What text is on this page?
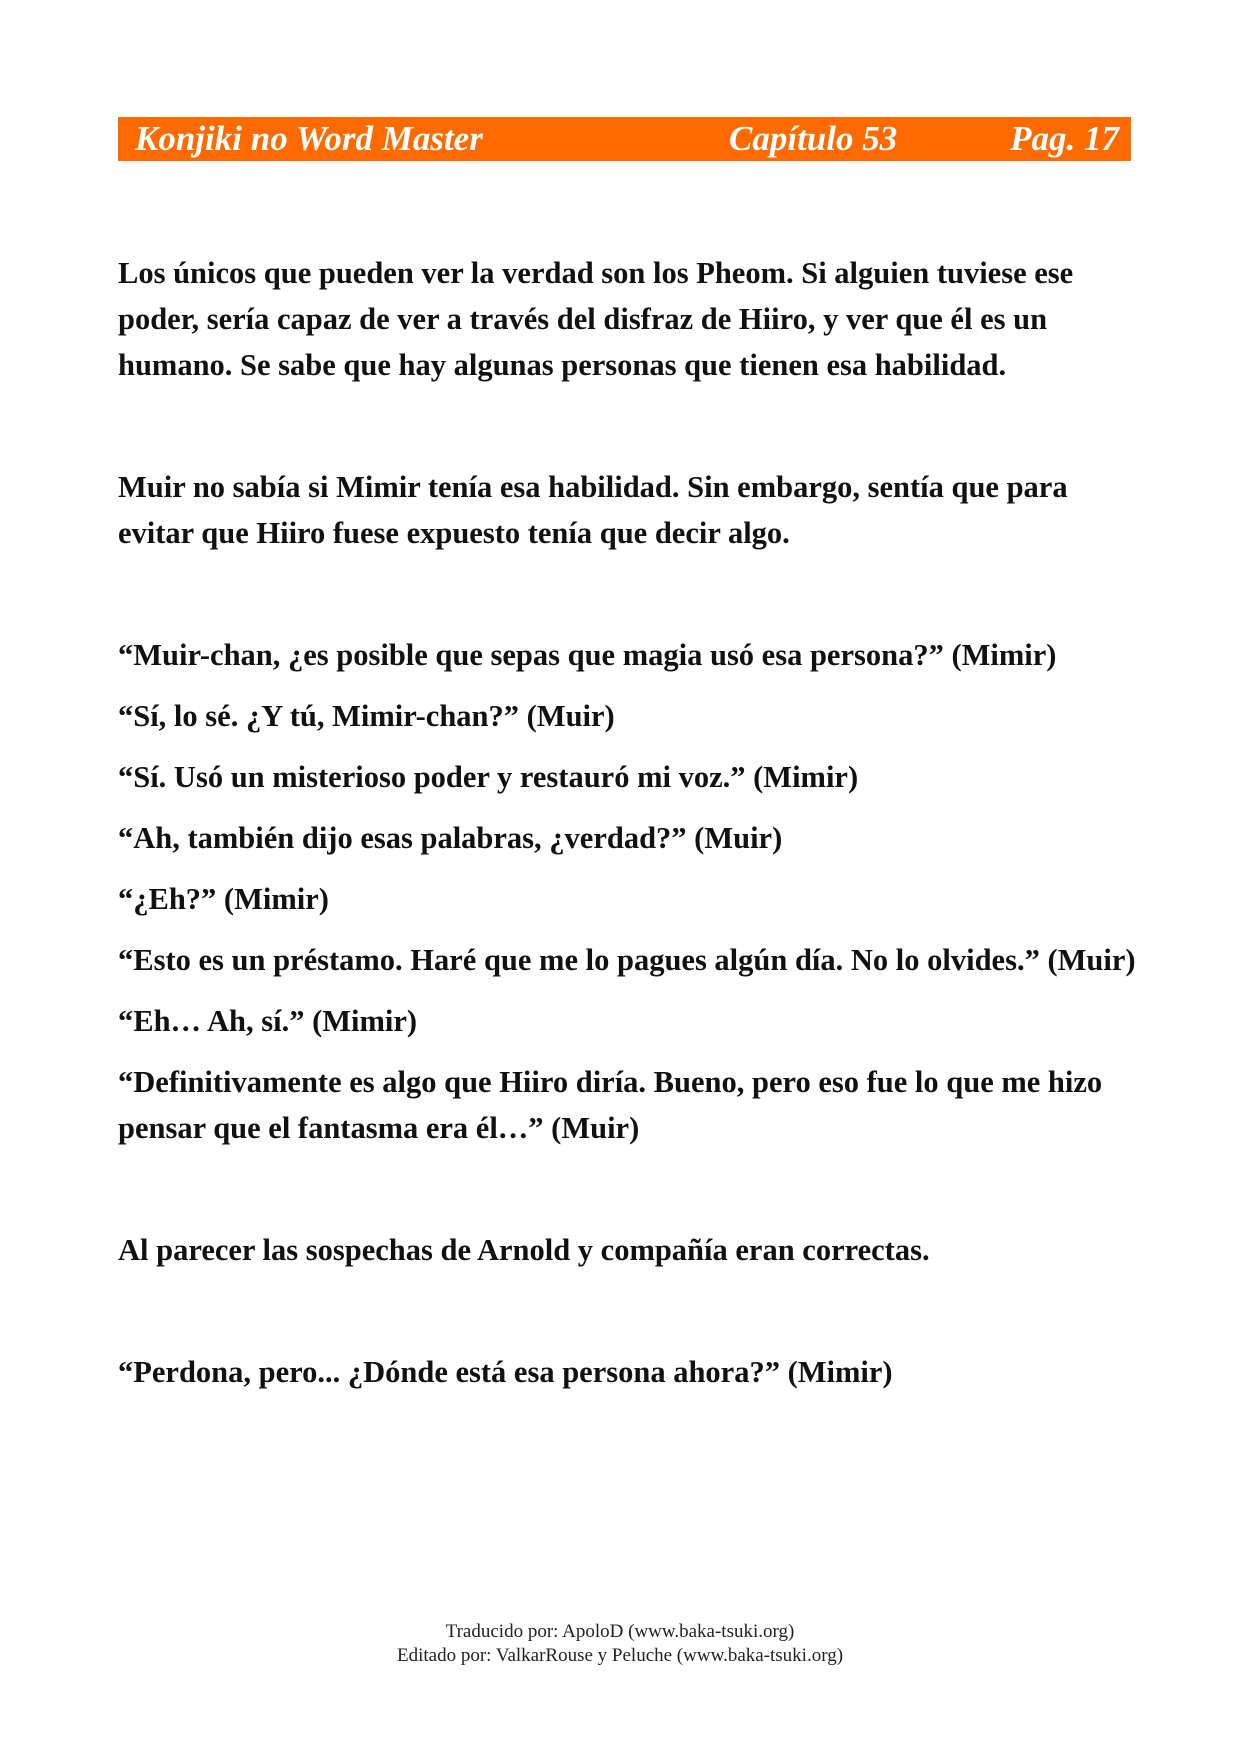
Konjiki no Word Master	Capítulo 53	Pag. 17

Los únicos que pueden ver la verdad son los Pheom. Si alguien tuviese ese poder, sería capaz de ver a través del disfraz de Hiiro, y ver que él es un humano. Se sabe que hay algunas personas que tienen esa habilidad.

Muir no sabía si Mimir tenía esa habilidad. Sin embargo, sentía que para evitar que Hiiro fuese expuesto tenía que decir algo.

“Muir-chan, ¿es posible que sepas que magia usó esa persona?” (Mimir)

“Sí, lo sé. ¿Y tú, Mimir-chan?” (Muir)

“Sí. Usó un misterioso poder y restauró mi voz.” (Mimir)

“Ah, también dijo esas palabras, ¿verdad?” (Muir)

“¿Eh?” (Mimir)

“Esto es un préstamo. Haré que me lo pagues algún día. No lo olvides.” (Muir)

“Eh… Ah, sí.” (Mimir)

“Definitivamente es algo que Hiiro diría. Bueno, pero eso fue lo que me hizo pensar que el fantasma era él…” (Muir)

Al parecer las sospechas de Arnold y compañía eran correctas.

“Perdona, pero... ¿Dónde está esa persona ahora?” (Mimir)

Traducido por: ApoloD (www.baka-tsuki.org)
Editado por: ValkarRouse y Peluche (www.baka-tsuki.org)
